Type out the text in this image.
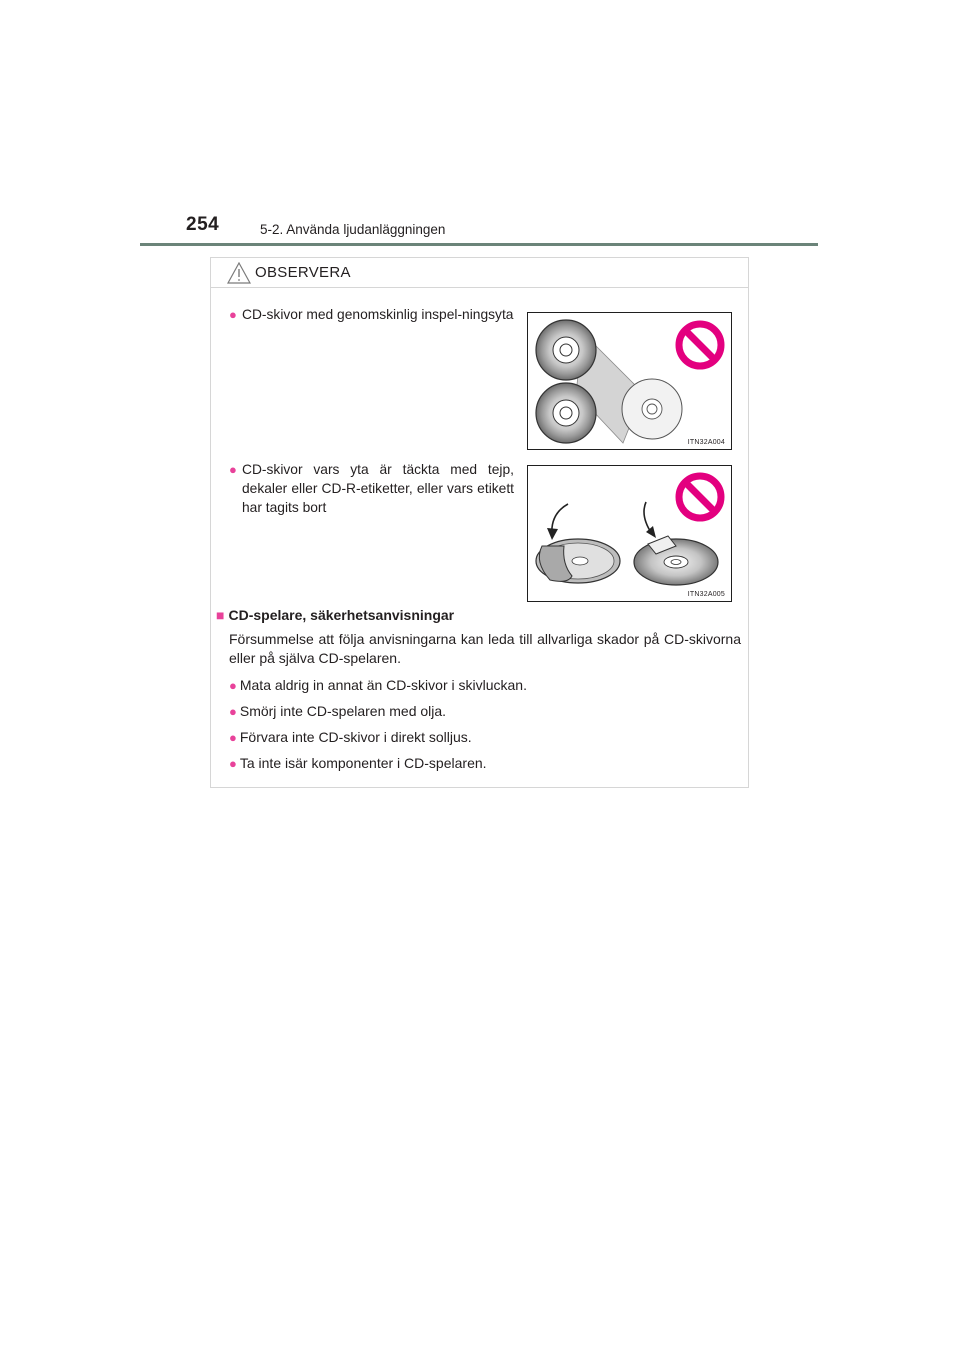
254	5-2. Använda ljudanläggningen
OBSERVERA
● CD-skivor med genomskinlig inspel-ningsyta
ITN32A004
● CD-skivor vars yta är täckta med tejp, dekaler eller CD-R-etiketter, eller vars etikett har tagits bort
ITN32A005
■ CD-spelare, säkerhetsanvisningar
Försummelse att följa anvisningarna kan leda till allvarliga skador på CD-skivorna eller på själva CD-spelaren.
● Mata aldrig in annat än CD-skivor i skivluckan.
● Smörj inte CD-spelaren med olja.
● Förvara inte CD-skivor i direkt solljus.
● Ta inte isär komponenter i CD-spelaren.
